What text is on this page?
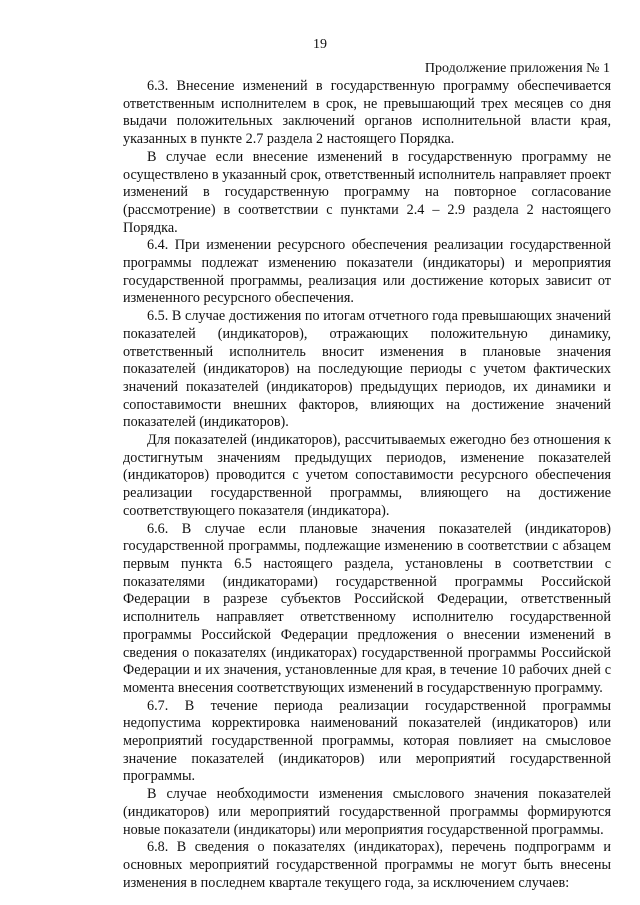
19
Продолжение приложения № 1

6.3. Внесение изменений в государственную программу обеспечивается ответственным исполнителем в срок, не превышающий трех месяцев со дня выдачи положительных заключений органов исполнительной власти края, указанных в пункте 2.7 раздела 2 настоящего Порядка.

В случае если внесение изменений в государственную программу не осуществлено в указанный срок, ответственный исполнитель направляет проект изменений в государственную программу на повторное согласование (рассмотрение) в соответствии с пунктами 2.4 – 2.9 раздела 2 настоящего Порядка.

6.4. При изменении ресурсного обеспечения реализации государственной программы подлежат изменению показатели (индикаторы) и мероприятия государственной программы, реализация или достижение которых зависит от измененного ресурсного обеспечения.

6.5. В случае достижения по итогам отчетного года превышающих значений показателей (индикаторов), отражающих положительную динамику, ответственный исполнитель вносит изменения в плановые значения показателей (индикаторов) на последующие периоды с учетом фактических значений показателей (индикаторов) предыдущих периодов, их динамики и сопоставимости внешних факторов, влияющих на достижение значений показателей (индикаторов).

Для показателей (индикаторов), рассчитываемых ежегодно без отношения к достигнутым значениям предыдущих периодов, изменение показателей (индикаторов) проводится с учетом сопоставимости ресурсного обеспечения реализации государственной программы, влияющего на достижение соответствующего показателя (индикатора).

6.6. В случае если плановые значения показателей (индикаторов) государственной программы, подлежащие изменению в соответствии с абзацем первым пункта 6.5 настоящего раздела, установлены в соответствии с показателями (индикаторами) государственной программы Российской Федерации в разрезе субъектов Российской Федерации, ответственный исполнитель направляет ответственному исполнителю государственной программы Российской Федерации предложения о внесении изменений в сведения о показателях (индикаторах) государственной программы Российской Федерации и их значения, установленные для края, в течение 10 рабочих дней с момента внесения соответствующих изменений в государственную программу.

6.7. В течение периода реализации государственной программы недопустима корректировка наименований показателей (индикаторов) или мероприятий государственной программы, которая повлияет на смысловое значение показателей (индикаторов) или мероприятий государственной программы.

В случае необходимости изменения смыслового значения показателей (индикаторов) или мероприятий государственной программы формируются новые показатели (индикаторы) или мероприятия государственной программы.

6.8. В сведения о показателях (индикаторах), перечень подпрограмм и основных мероприятий государственной программы не могут быть внесены изменения в последнем квартале текущего года, за исключением случаев:
